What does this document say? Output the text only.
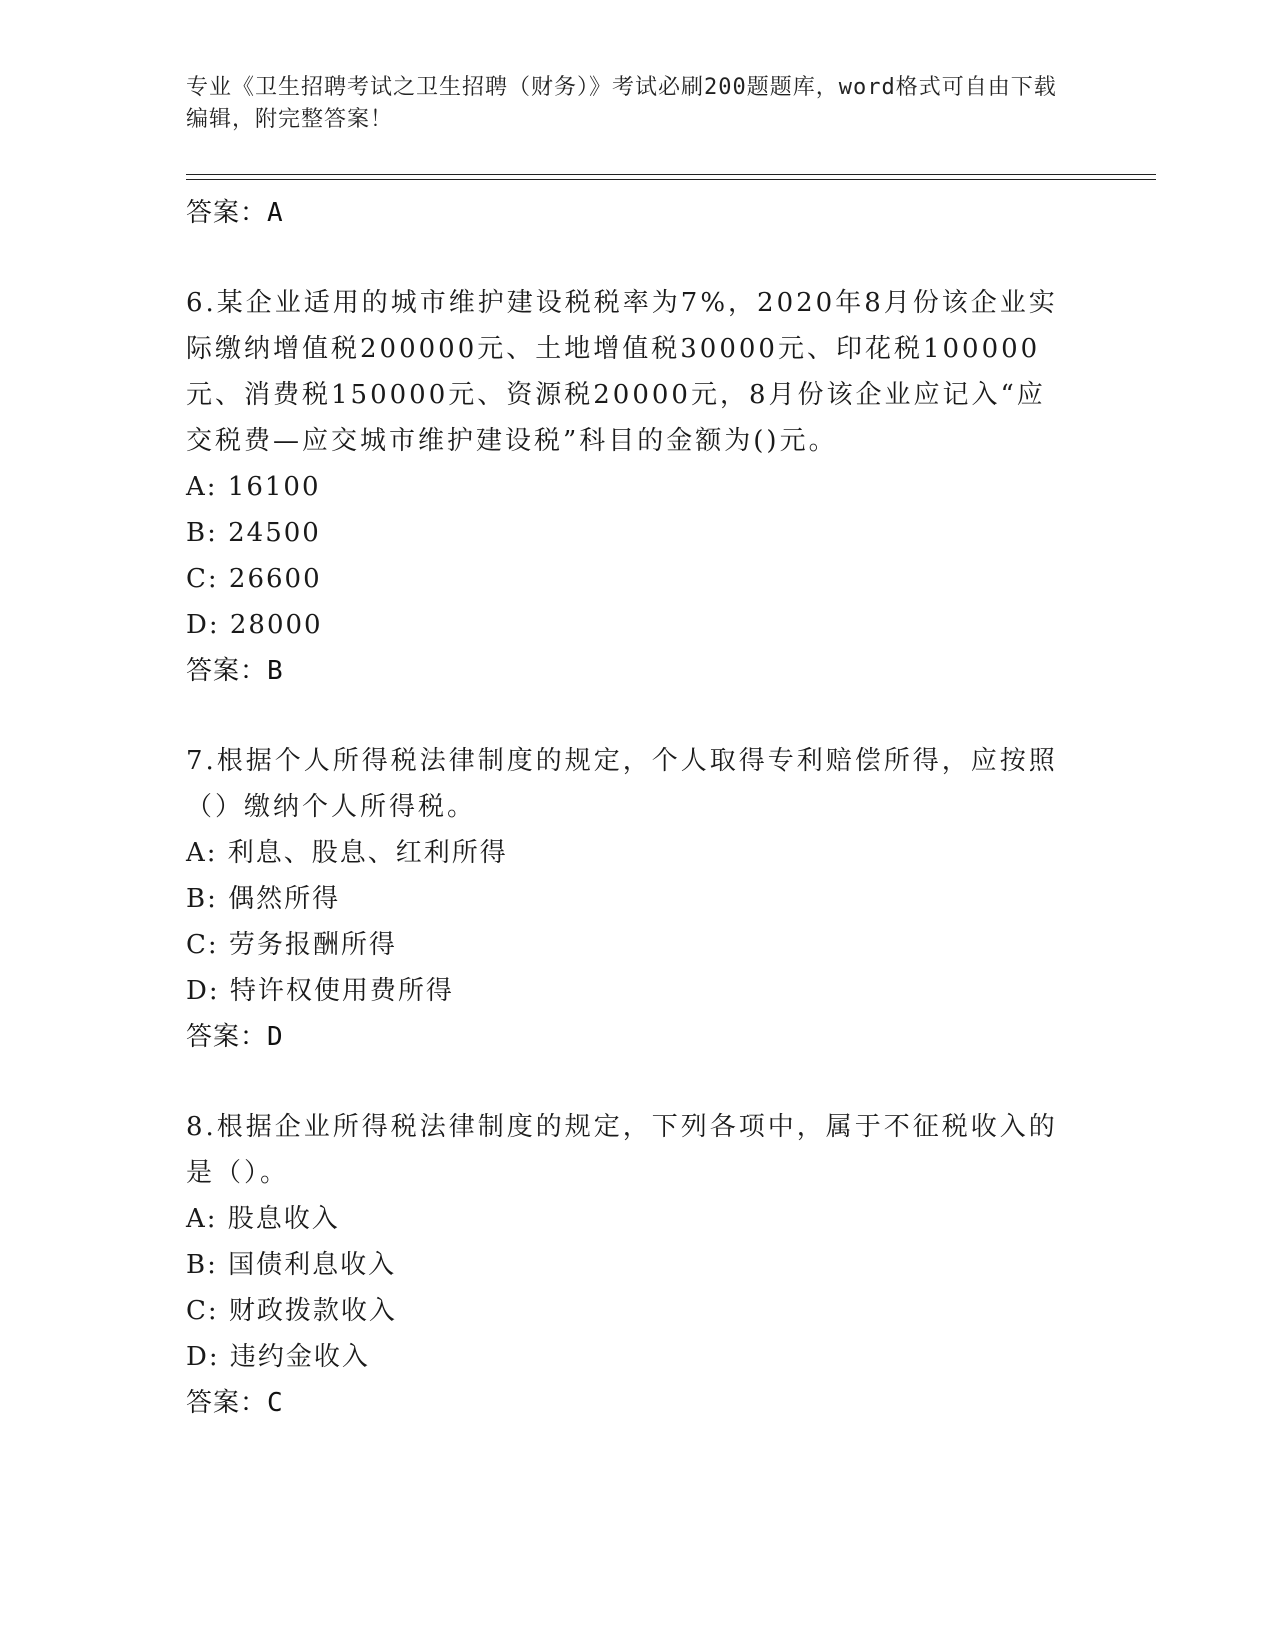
专业《卫生招聘考试之卫生招聘（财务）》考试必刷200题题库，word格式可自由下载编辑，附完整答案！
答案：A
6.某企业适用的城市维护建设税税率为7%，2020年8月份该企业实际缴纳增值税200000元、土地增值税30000元、印花税100000元、消费税150000元、资源税20000元，8月份该企业应记入“应交税费—应交城市维护建设税”科目的金额为()元。
A: 16100
B: 24500
C: 26600
D: 28000
答案：B
7.根据个人所得税法律制度的规定，个人取得专利赔偿所得，应按照（）缴纳个人所得税。
A: 利息、股息、红利所得
B: 偶然所得
C: 劳务报酬所得
D: 特许权使用费所得
答案：D
8.根据企业所得税法律制度的规定，下列各项中，属于不征税收入的是（）。
A: 股息收入
B: 国债利息收入
C: 财政拨款收入
D: 违约金收入
答案：C
